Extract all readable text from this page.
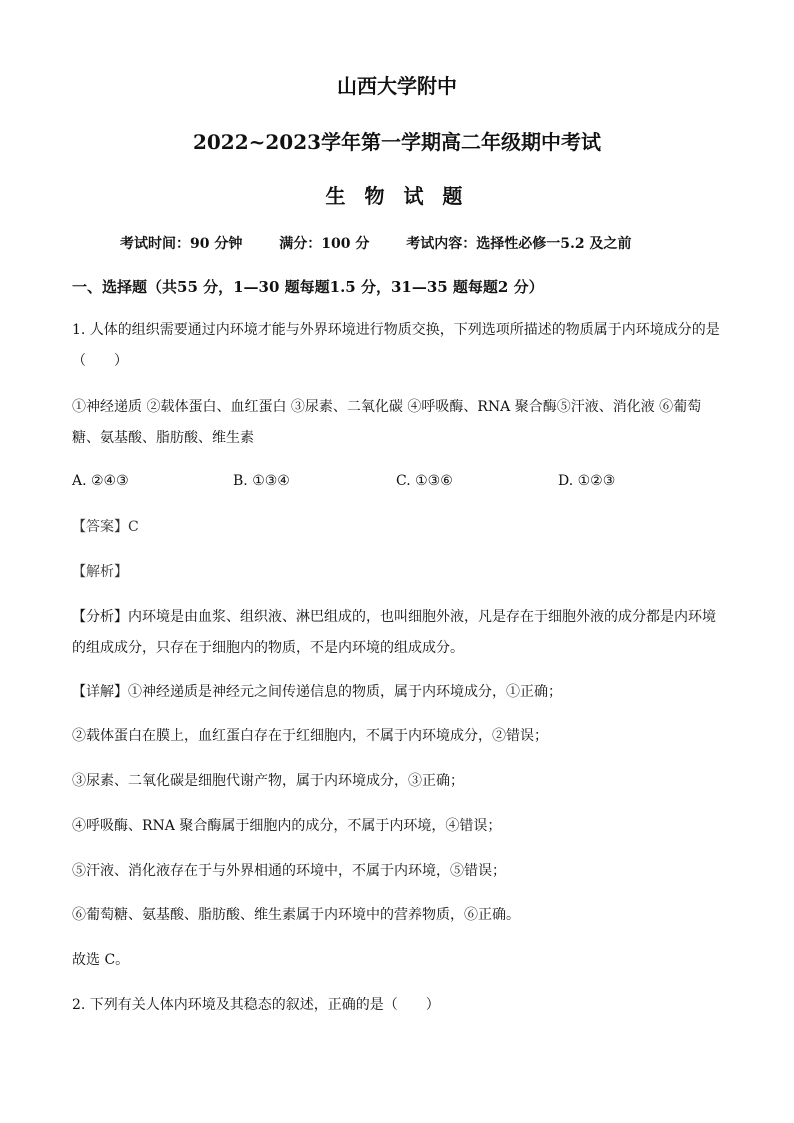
山西大学附中
2022~2023学年第一学期高二年级期中考试
生 物 试 题
考试时间：90 分钟	满分：100 分	考试内容：选择性必修一5.2 及之前
一、选择题（共55 分，1—30 题每题1.5 分，31—35 题每题2 分）
1. 人体的组织需要通过内环境才能与外界环境进行物质交换，下列选项所描述的物质属于内环境成分的是
（　　）
①神经递质 ②载体蛋白、血红蛋白 ③尿素、二氧化碳 ④呼吸酶、RNA 聚合酶⑤汗液、消化液 ⑥葡萄
糖、氨基酸、脂肪酸、维生素
A. ②④③	B. ①③④	C. ①③⑥	D. ①②③
【答案】C
【解析】
【分析】内环境是由血浆、组织液、淋巴组成的，也叫细胞外液，凡是存在于细胞外液的成分都是内环境
的组成成分，只存在于细胞内的物质，不是内环境的组成成分。
【详解】①神经递质是神经元之间传递信息的物质，属于内环境成分，①正确；
②载体蛋白在膜上，血红蛋白存在于红细胞内，不属于内环境成分，②错误；
③尿素、二氧化碳是细胞代谢产物，属于内环境成分，③正确；
④呼吸酶、RNA 聚合酶属于细胞内的成分，不属于内环境，④错误；
⑤汗液、消化液存在于与外界相通的环境中，不属于内环境，⑤错误；
⑥葡萄糖、氨基酸、脂肪酸、维生素属于内环境中的营养物质，⑥正确。
故选 C。
2. 下列有关人体内环境及其稳态的叙述，正确的是（　　）
